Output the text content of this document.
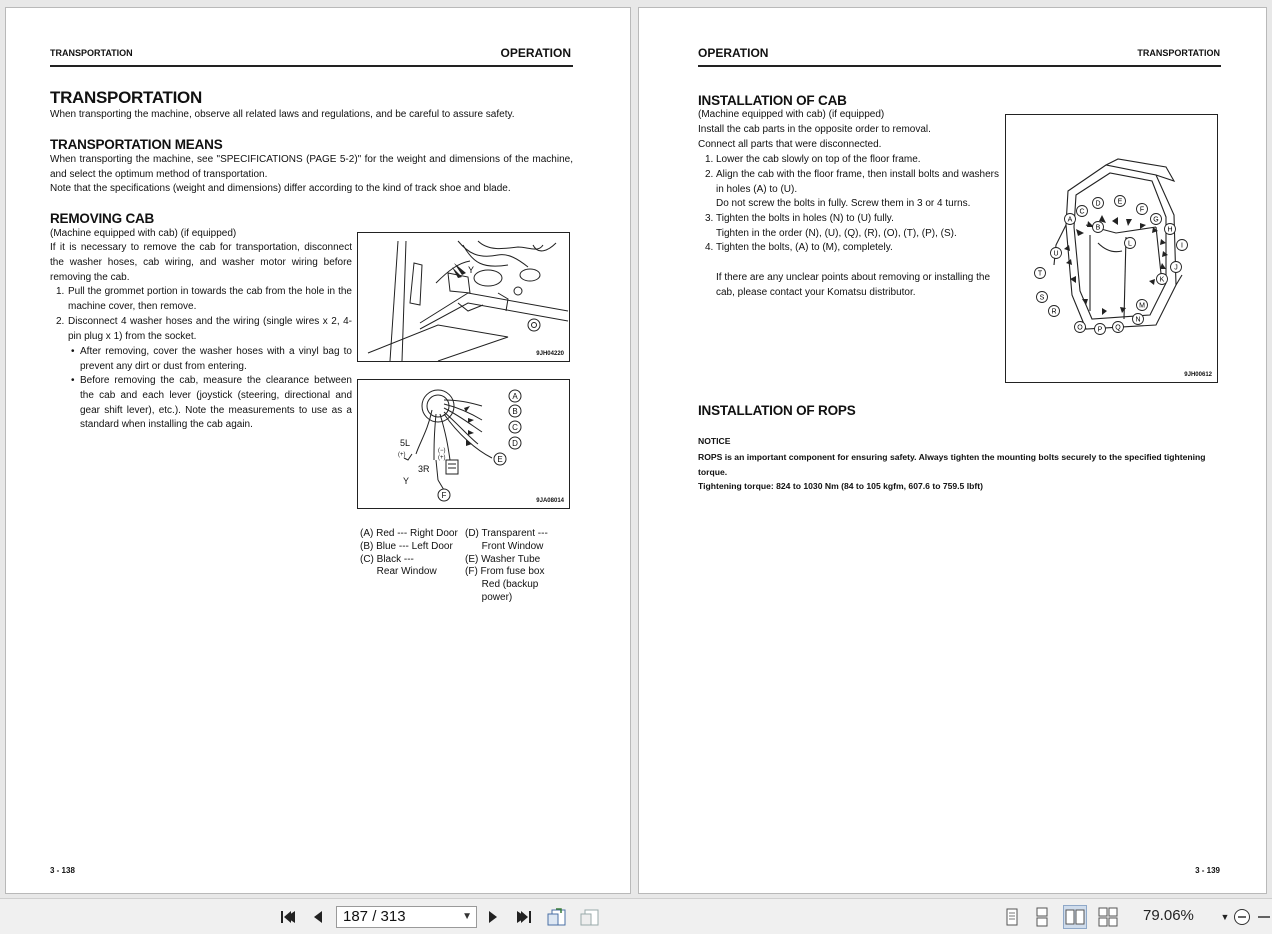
TRANSPORTATION	OPERATION
TRANSPORTATION
When transporting the machine, observe all related laws and regulations, and be careful to assure safety.
TRANSPORTATION MEANS
When transporting the machine, see "SPECIFICATIONS (PAGE 5-2)" for the weight and dimensions of the machine, and select the optimum method of transportation.
Note that the specifications (weight and dimensions) differ according to the kind of track shoe and blade.
REMOVING CAB
(Machine equipped with cab) (if equipped)
If it is necessary to remove the cab for transportation, disconnect the washer hoses, cab wiring, and washer motor wiring before removing the cab.
1. Pull the grommet portion in towards the cab from the hole in the machine cover, then remove.
2. Disconnect 4 washer hoses and the wiring (single wires x 2, 4-pin plug x 1) from the socket.
• After removing, cover the washer hoses with a vinyl bag to prevent any dirt or dust from entering.
• Before removing the cab, measure the clearance between the cab and each lever (joystick (steering, directional and gear shift lever), etc.). Note the measurements to use as a standard when installing the cab again.
Y
9JH04220
A
B
C
D
E
F
5L
(+)
(−)
(+)
3R
Y
9JA08014
(A) Red --- Right Door
(B) Blue --- Left Door
(C) Black ---
Rear Window
(D) Transparent ---
Front Window
(E) Washer Tube
(F) From fuse box
Red (backup
power)
3 - 138
OPERATION	TRANSPORTATION
INSTALLATION OF CAB
(Machine equipped with cab) (if equipped)
Install the cab parts in the opposite order to removal.
Connect all parts that were disconnected.
1. Lower the cab slowly on top of the floor frame.
2. Align the cab with the floor frame, then install bolts and washers in holes (A) to (U).
Do not screw the bolts in fully. Screw them in 3 or 4 turns.
3. Tighten the bolts in holes (N) to (U) fully.
Tighten in the order (N), (U), (Q), (R), (O), (T), (P), (S).
4. Tighten the bolts, (A) to (M), completely.
If there are any unclear points about removing or installing the cab, please contact your Komatsu distributor.
A
B
C
D E
F
G
H
I
J
K
L
M
N
O P Q
R
S
T
U
9JH00612
INSTALLATION OF ROPS
NOTICE
ROPS is an important component for ensuring safety. Always tighten the mounting bolts securely to the specified tightening torque.
Tightening torque: 824 to 1030 Nm (84 to 105 kgfm, 607.6 to 759.5 lbft)
3 - 139
187 / 313	▼	79.06%	▼
